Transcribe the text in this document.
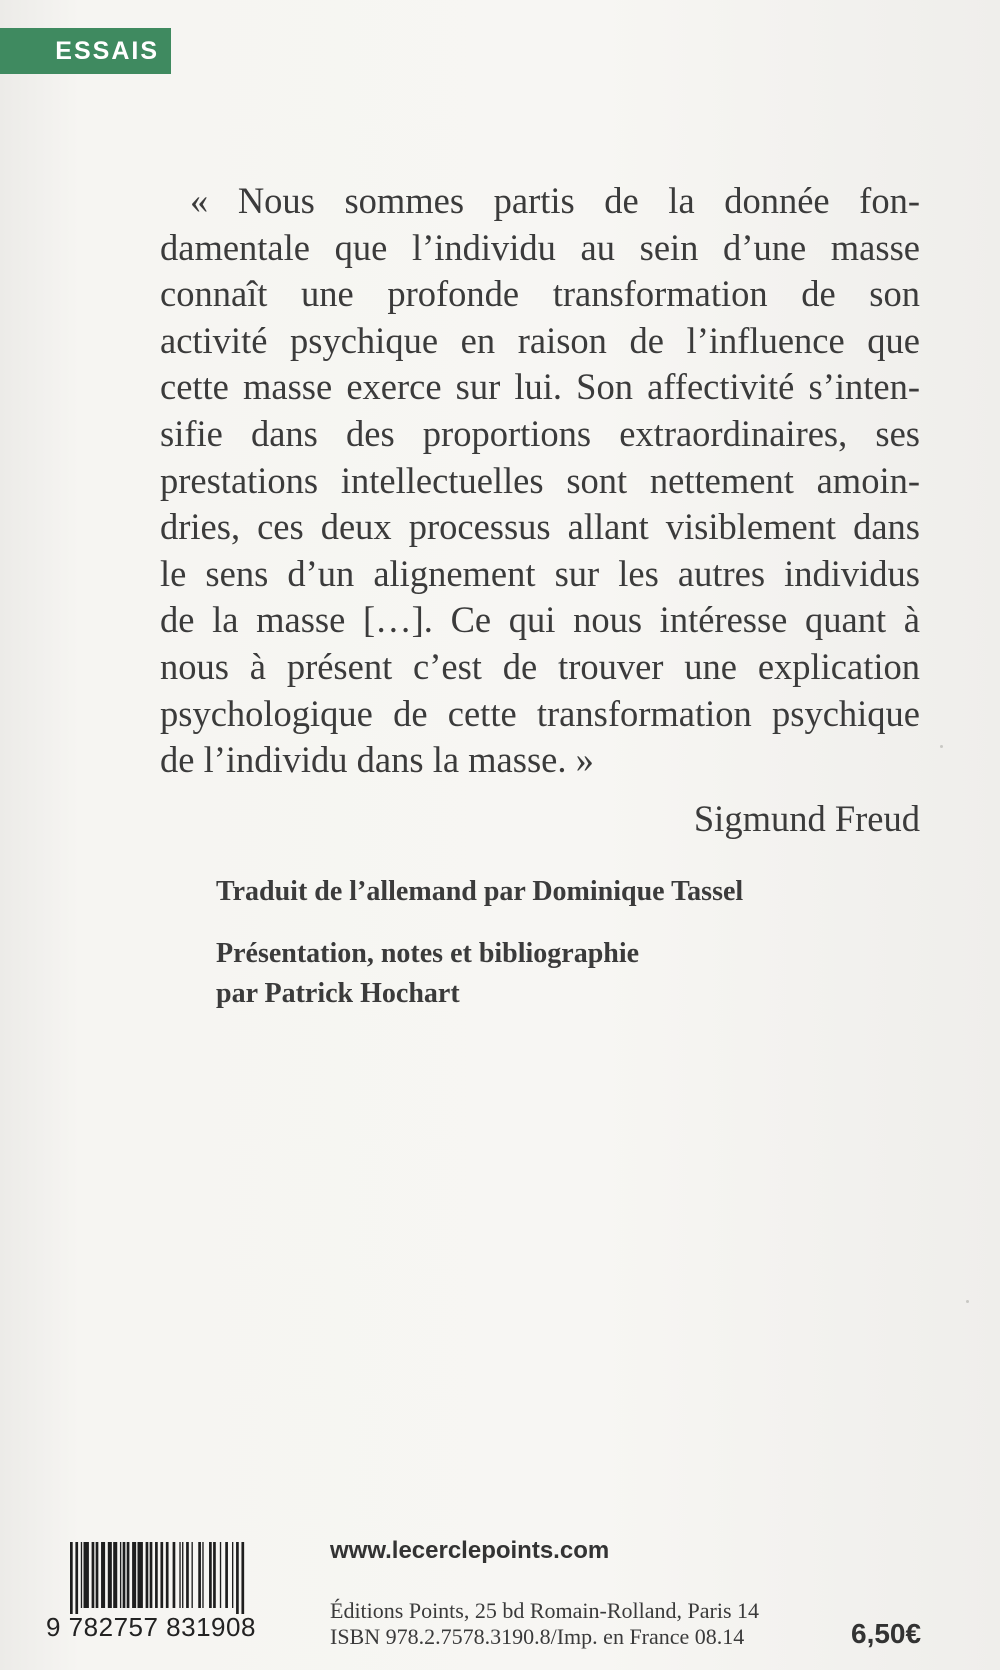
ESSAIS
« Nous sommes partis de la donnée fon-
damentale que l’individu au sein d’une masse
connaît une profonde transformation de son
activité psychique en raison de l’influence que
cette masse exerce sur lui. Son affectivité s’inten-
sifie dans des proportions extraordinaires, ses
prestations intellectuelles sont nettement amoin-
dries, ces deux processus allant visiblement dans
le sens d’un alignement sur les autres individus
de la masse […]. Ce qui nous intéresse quant à
nous à présent c’est de trouver une explication
psychologique de cette transformation psychique
de l’individu dans la masse. »
Sigmund Freud
Traduit de l’allemand par Dominique Tassel
Présentation, notes et bibliographie
par Patrick Hochart
9 782757 831908
www.lecerclepoints.com
Éditions Points, 25 bd Romain-Rolland, Paris 14
ISBN 978.2.7578.3190.8/Imp. en France 08.14	6,50€
